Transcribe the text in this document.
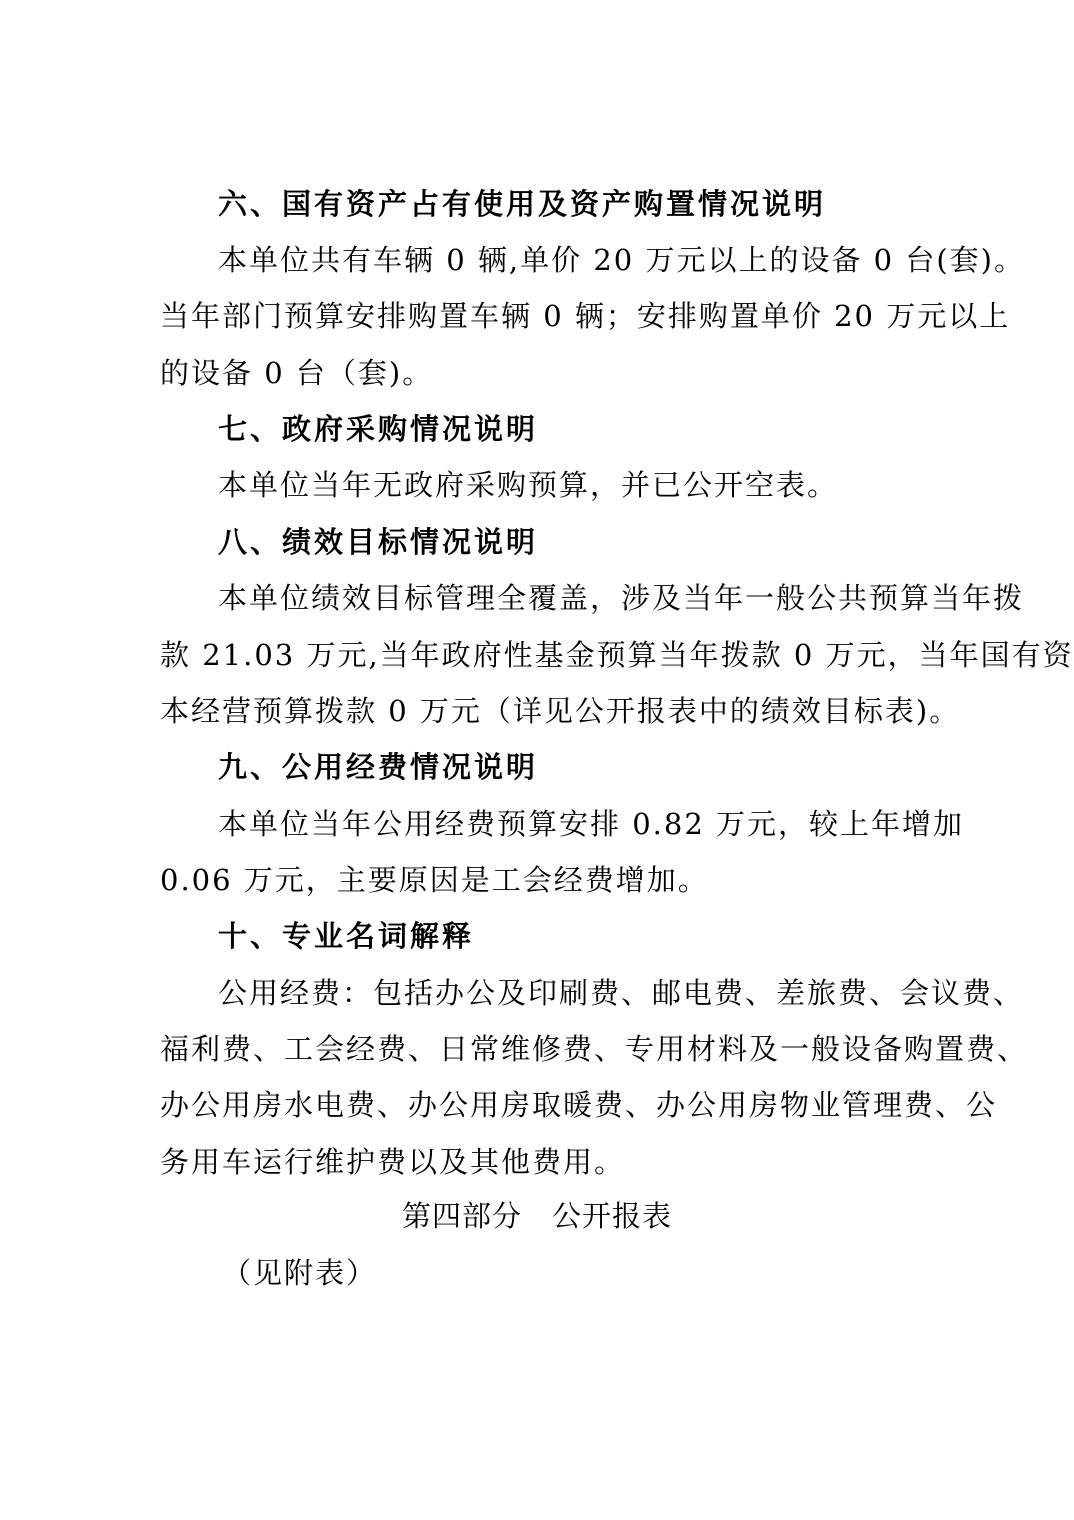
六、国有资产占有使用及资产购置情况说明
本单位共有车辆 0 辆,单价 20 万元以上的设备 0 台(套)。
当年部门预算安排购置车辆 0 辆；安排购置单价 20 万元以上
的设备 0 台（套)。
七、政府采购情况说明
本单位当年无政府采购预算，并已公开空表。
八、绩效目标情况说明
本单位绩效目标管理全覆盖，涉及当年一般公共预算当年拨
款 21.03 万元,当年政府性基金预算当年拨款 0 万元，当年国有资
本经营预算拨款 0 万元（详见公开报表中的绩效目标表)。
九、公用经费情况说明
本单位当年公用经费预算安排 0.82 万元，较上年增加
0.06 万元，主要原因是工会经费增加。
十、专业名词解释
公用经费：包括办公及印刷费、邮电费、差旅费、会议费、
福利费、工会经费、日常维修费、专用材料及一般设备购置费、
办公用房水电费、办公用房取暖费、办公用房物业管理费、公
务用车运行维护费以及其他费用。
第四部分　公开报表
（见附表）
